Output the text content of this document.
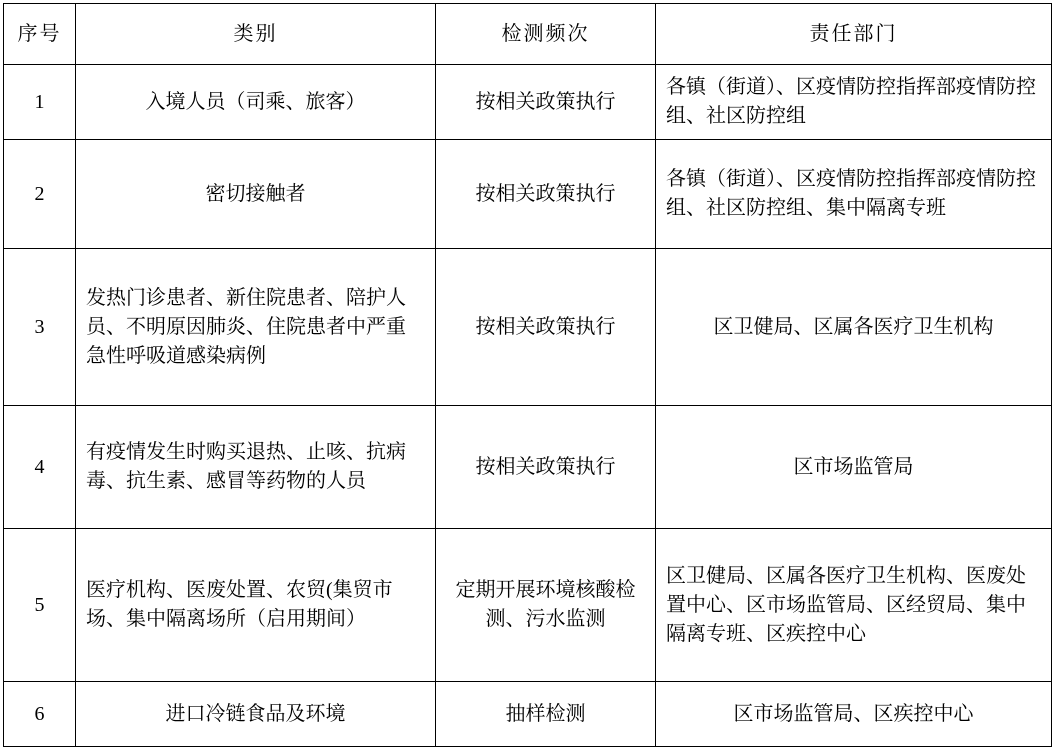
序号	类别	检测频次	责任部门
1	入境人员（司乘、旅客）	按相关政策执行	各镇（街道）、区疫情防控指挥部疫情防控组、社区防控组
2	密切接触者	按相关政策执行	各镇（街道）、区疫情防控指挥部疫情防控组、社区防控组、集中隔离专班
3	发热门诊患者、新住院患者、陪护人员、不明原因肺炎、住院患者中严重急性呼吸道感染病例	按相关政策执行	区卫健局、区属各医疗卫生机构
4	有疫情发生时购买退热、止咳、抗病毒、抗生素、感冒等药物的人员	按相关政策执行	区市场监管局
5	医疗机构、医废处置、农贸(集贸市场、集中隔离场所（启用期间）	定期开展环境核酸检测、污水监测	区卫健局、区属各医疗卫生机构、医废处置中心、区市场监管局、区经贸局、集中隔离专班、区疾控中心
6	进口冷链食品及环境	抽样检测	区市场监管局、区疾控中心
